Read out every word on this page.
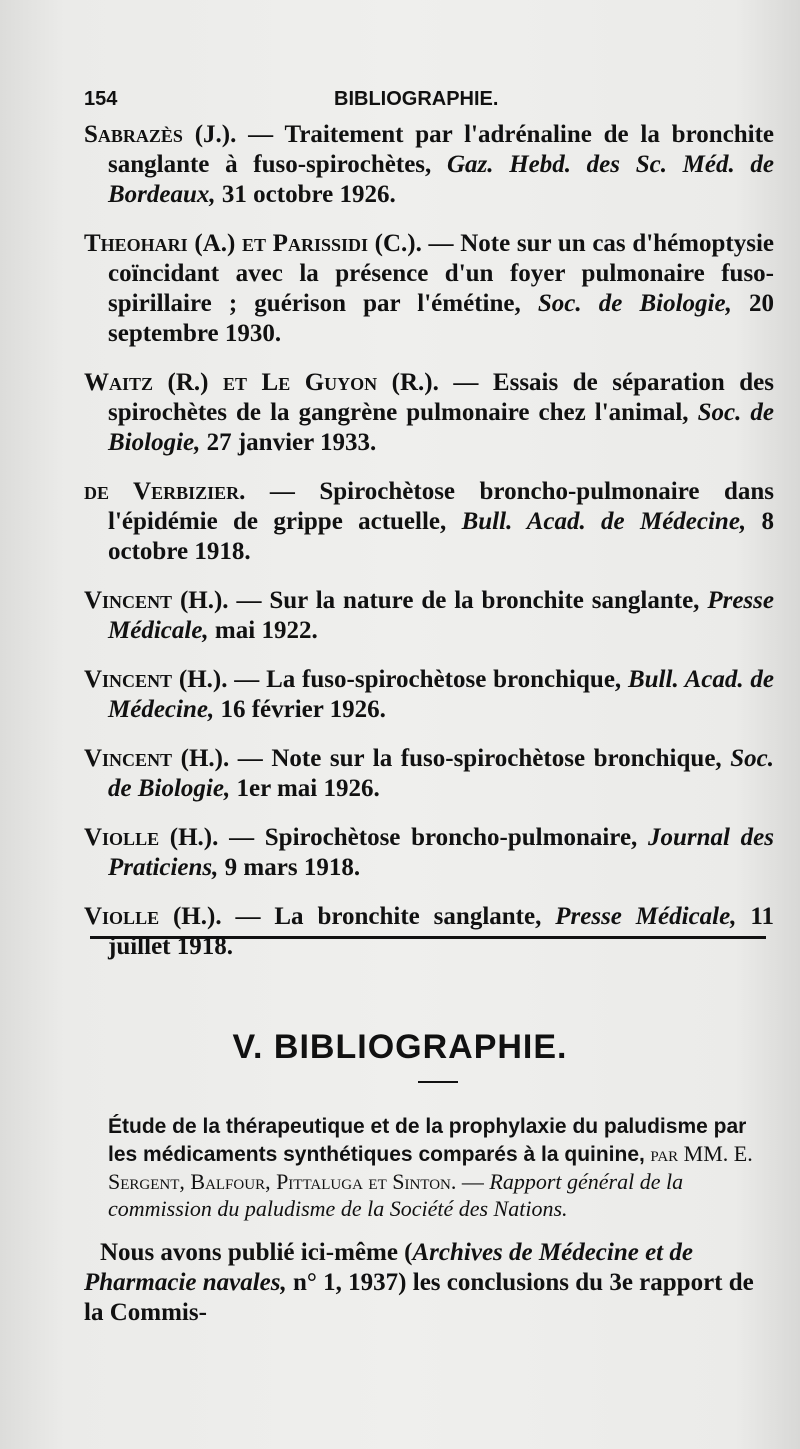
154	BIBLIOGRAPHIE.
Sabrazès (J.). — Traitement par l'adrénaline de la bronchite sanglante à fuso-spirochètes, Gaz. Hebd. des Sc. Méd. de Bordeaux, 31 octobre 1926.
Theohari (A.) et Parissidi (C.). — Note sur un cas d'hémoptysie coïncidant avec la présence d'un foyer pulmonaire fuso-spirillaire ; guérison par l'émétine, Soc. de Biologie, 20 septembre 1930.
Waitz (R.) et Le Guyon (R.). — Essais de séparation des spirochètes de la gangrène pulmonaire chez l'animal, Soc. de Biologie, 27 janvier 1933.
de Verbizier. — Spirochètose broncho-pulmonaire dans l'épidémie de grippe actuelle, Bull. Acad. de Médecine, 8 octobre 1918.
Vincent (H.). — Sur la nature de la bronchite sanglante, Presse Médicale, mai 1922.
Vincent (H.). — La fuso-spirochètose bronchique, Bull. Acad. de Médecine, 16 février 1926.
Vincent (H.). — Note sur la fuso-spirochètose bronchique, Soc. de Biologie, 1er mai 1926.
Violle (H.). — Spirochètose broncho-pulmonaire, Journal des Praticiens, 9 mars 1918.
Violle (H.). — La bronchite sanglante, Presse Médicale, 11 juillet 1918.
V. BIBLIOGRAPHIE.
Étude de la thérapeutique et de la prophylaxie du paludisme par les médicaments synthétiques comparés à la quinine, par MM. E. Sergent, Balfour, Pittaluga et Sinton. — Rapport général de la commission du paludisme de la Société des Nations.
Nous avons publié ici-même (Archives de Médecine et de Pharmacie navales, n° 1, 1937) les conclusions du 3e rapport de la Commis-
